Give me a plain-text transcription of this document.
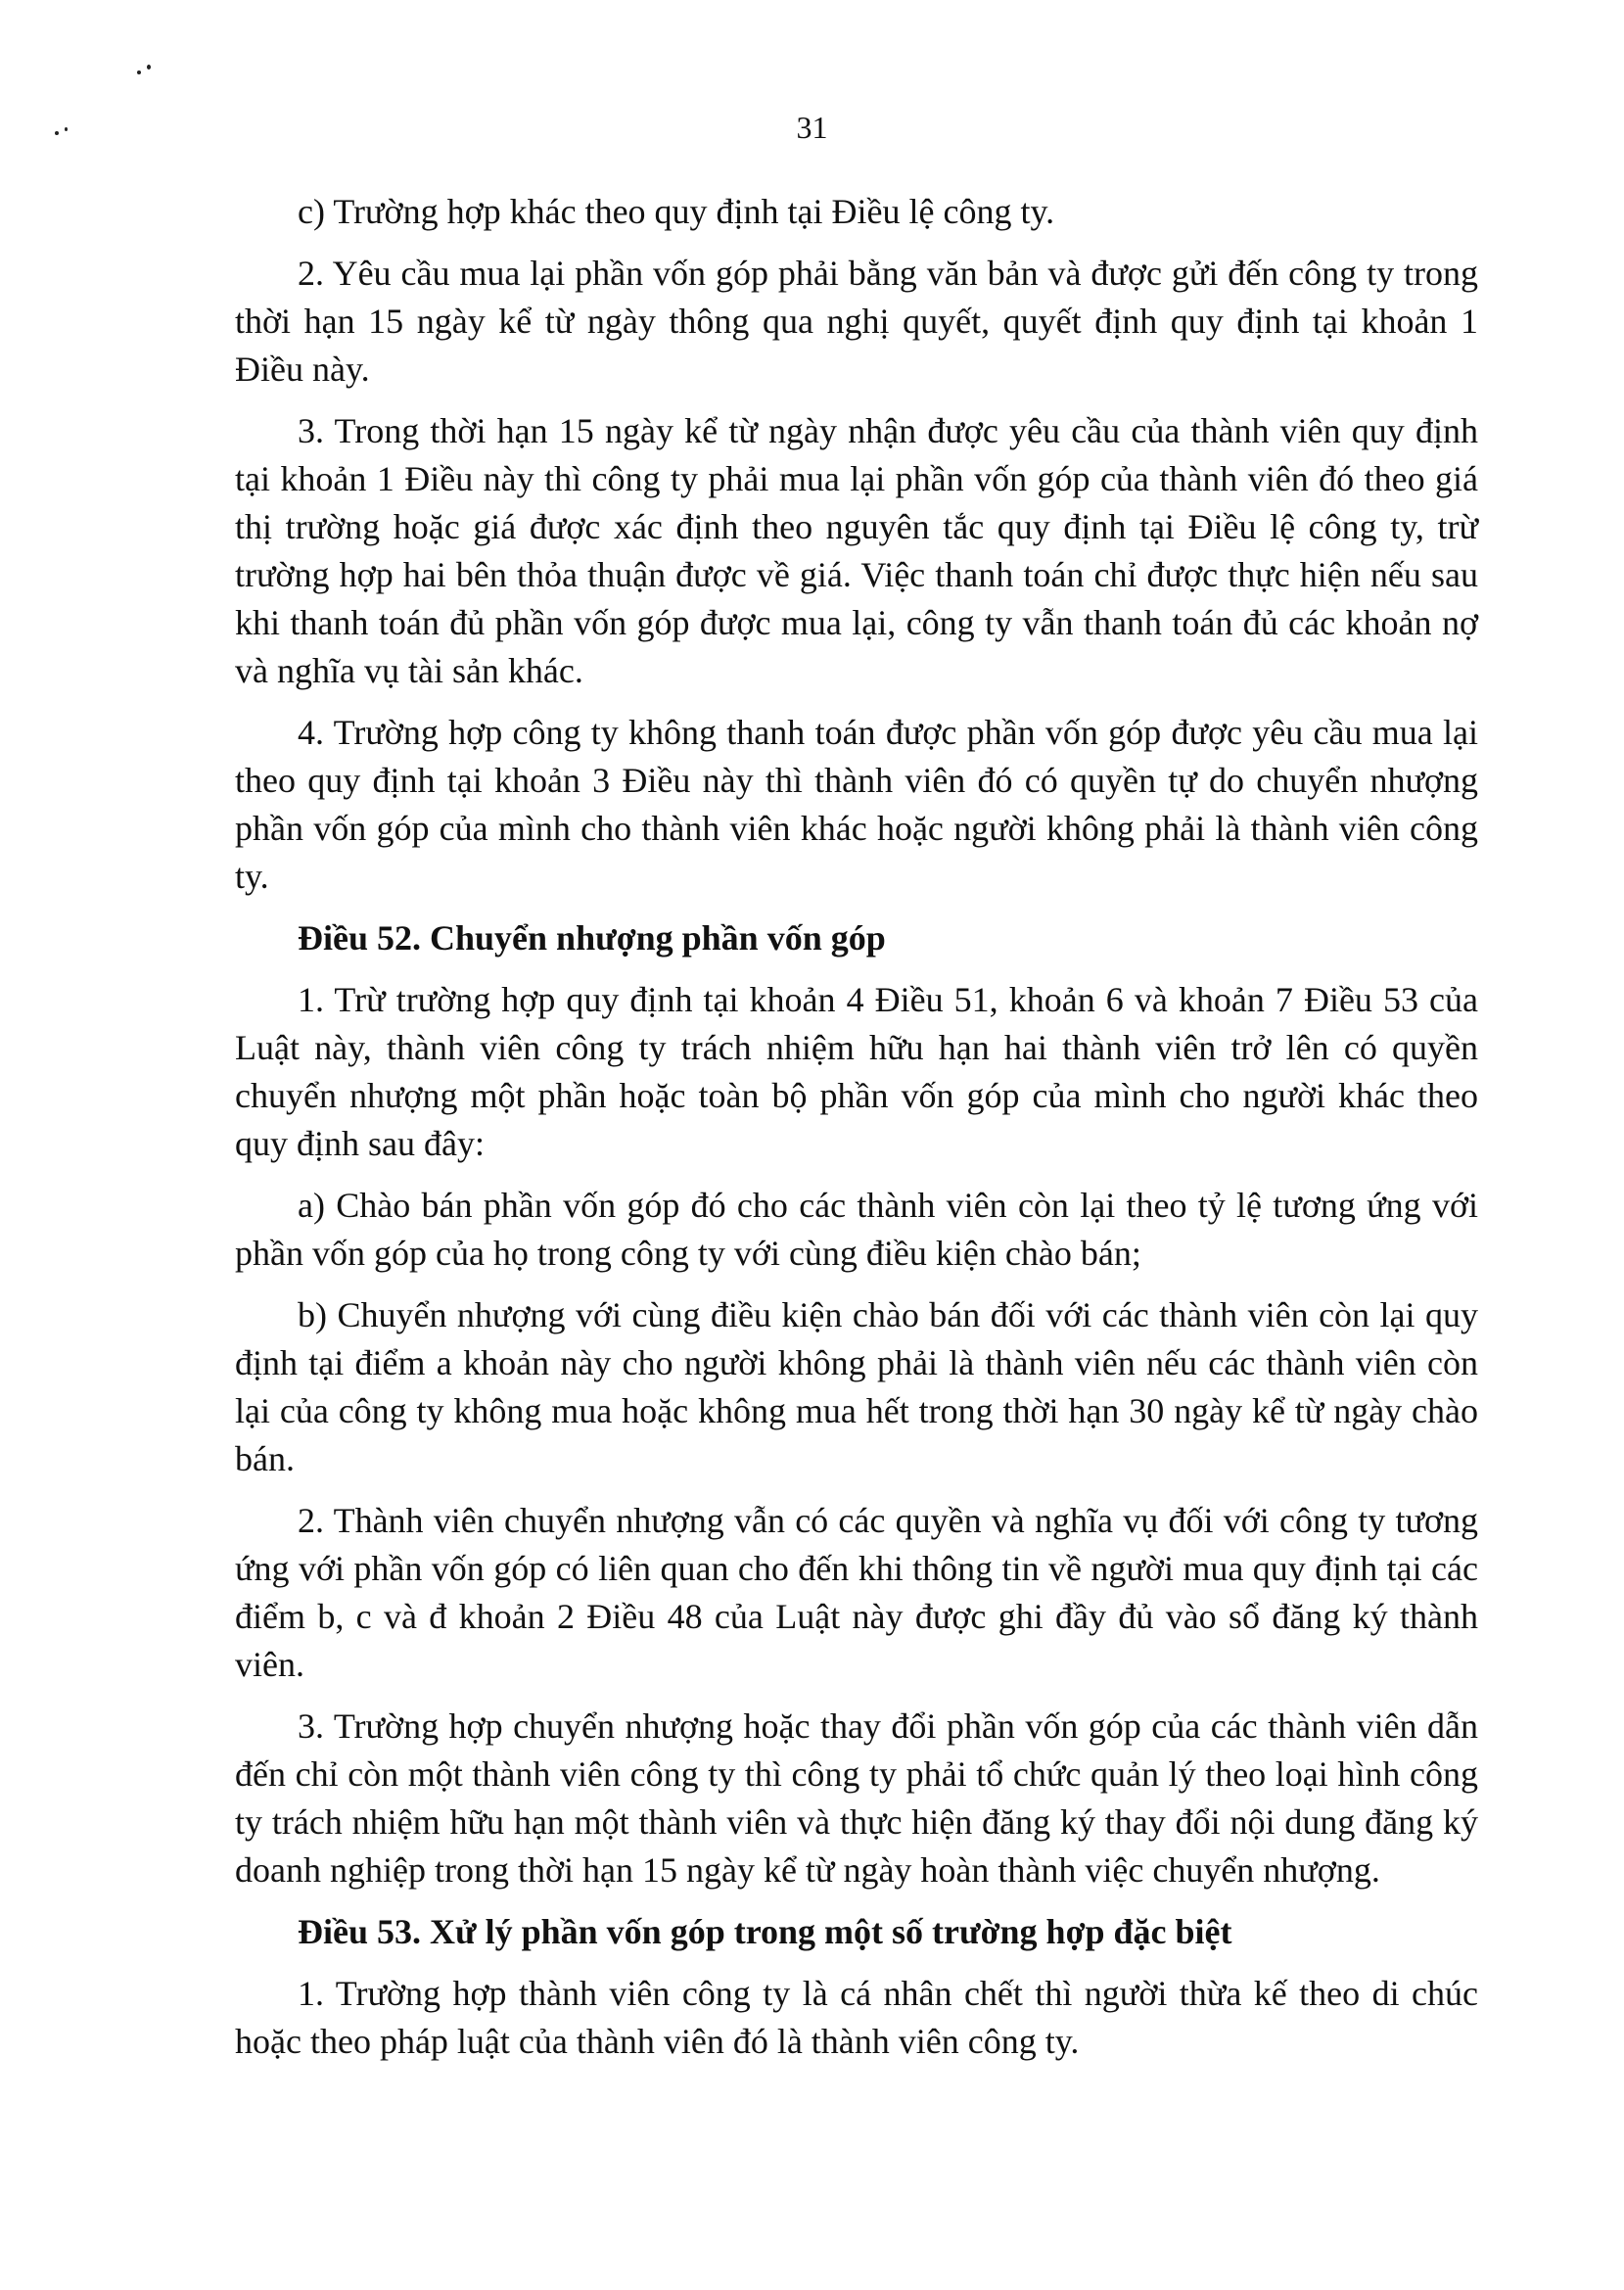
31

c) Trường hợp khác theo quy định tại Điều lệ công ty.

2. Yêu cầu mua lại phần vốn góp phải bằng văn bản và được gửi đến công ty trong thời hạn 15 ngày kể từ ngày thông qua nghị quyết, quyết định quy định tại khoản 1 Điều này.

3. Trong thời hạn 15 ngày kể từ ngày nhận được yêu cầu của thành viên quy định tại khoản 1 Điều này thì công ty phải mua lại phần vốn góp của thành viên đó theo giá thị trường hoặc giá được xác định theo nguyên tắc quy định tại Điều lệ công ty, trừ trường hợp hai bên thỏa thuận được về giá. Việc thanh toán chỉ được thực hiện nếu sau khi thanh toán đủ phần vốn góp được mua lại, công ty vẫn thanh toán đủ các khoản nợ và nghĩa vụ tài sản khác.

4. Trường hợp công ty không thanh toán được phần vốn góp được yêu cầu mua lại theo quy định tại khoản 3 Điều này thì thành viên đó có quyền tự do chuyển nhượng phần vốn góp của mình cho thành viên khác hoặc người không phải là thành viên công ty.

Điều 52. Chuyển nhượng phần vốn góp

1. Trừ trường hợp quy định tại khoản 4 Điều 51, khoản 6 và khoản 7 Điều 53 của Luật này, thành viên công ty trách nhiệm hữu hạn hai thành viên trở lên có quyền chuyển nhượng một phần hoặc toàn bộ phần vốn góp của mình cho người khác theo quy định sau đây:

a) Chào bán phần vốn góp đó cho các thành viên còn lại theo tỷ lệ tương ứng với phần vốn góp của họ trong công ty với cùng điều kiện chào bán;

b) Chuyển nhượng với cùng điều kiện chào bán đối với các thành viên còn lại quy định tại điểm a khoản này cho người không phải là thành viên nếu các thành viên còn lại của công ty không mua hoặc không mua hết trong thời hạn 30 ngày kể từ ngày chào bán.

2. Thành viên chuyển nhượng vẫn có các quyền và nghĩa vụ đối với công ty tương ứng với phần vốn góp có liên quan cho đến khi thông tin về người mua quy định tại các điểm b, c và đ khoản 2 Điều 48 của Luật này được ghi đầy đủ vào sổ đăng ký thành viên.

3. Trường hợp chuyển nhượng hoặc thay đổi phần vốn góp của các thành viên dẫn đến chỉ còn một thành viên công ty thì công ty phải tổ chức quản lý theo loại hình công ty trách nhiệm hữu hạn một thành viên và thực hiện đăng ký thay đổi nội dung đăng ký doanh nghiệp trong thời hạn 15 ngày kể từ ngày hoàn thành việc chuyển nhượng.

Điều 53. Xử lý phần vốn góp trong một số trường hợp đặc biệt

1. Trường hợp thành viên công ty là cá nhân chết thì người thừa kế theo di chúc hoặc theo pháp luật của thành viên đó là thành viên công ty.
